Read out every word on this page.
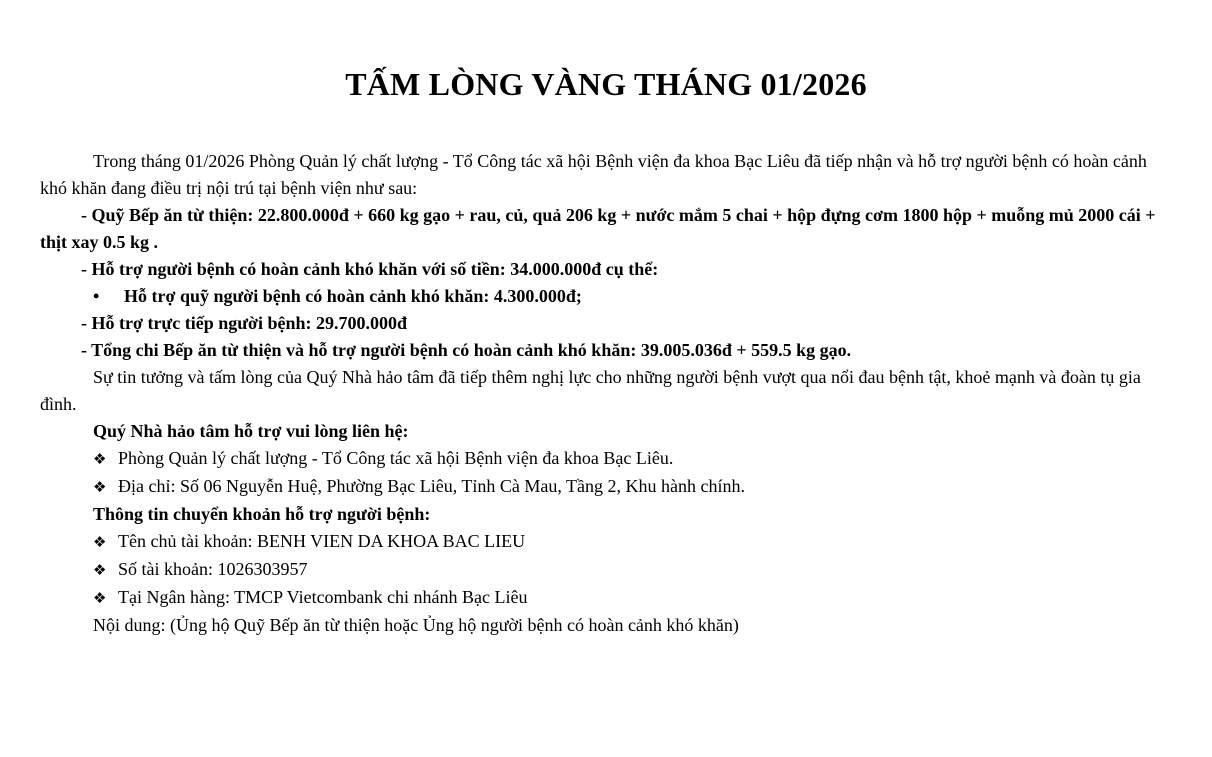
TẤM LÒNG VÀNG THÁNG 01/2026

Trong tháng 01/2026 Phòng Quản lý chất lượng - Tổ Công tác xã hội Bệnh viện đa khoa Bạc Liêu đã tiếp nhận và hỗ trợ người bệnh có hoàn cảnh khó khăn đang điều trị nội trú tại bệnh viện như sau:

- Quỹ Bếp ăn từ thiện: 22.800.000đ + 660 kg gạo + rau, củ, quả 206 kg + nước mắm 5 chai + hộp đựng cơm 1800 hộp + muỗng mủ 2000 cái + thịt xay 0.5 kg .

- Hỗ trợ người bệnh có hoàn cảnh khó khăn với số tiền: 34.000.000đ cụ thể:

•	Hỗ trợ quỹ người bệnh có hoàn cảnh khó khăn: 4.300.000đ;

- Hỗ trợ trực tiếp người bệnh: 29.700.000đ

- Tổng chi Bếp ăn từ thiện và hỗ trợ người bệnh có hoàn cảnh khó khăn: 39.005.036đ + 559.5 kg gạo.

Sự tin tưởng và tấm lòng của Quý Nhà hảo tâm đã tiếp thêm nghị lực cho những người bệnh vượt qua nổi đau bệnh tật, khoẻ mạnh và đoàn tụ gia đình.

Quý Nhà hảo tâm hỗ trợ vui lòng liên hệ:

❖ Phòng Quản lý chất lượng - Tổ Công tác xã hội Bệnh viện đa khoa Bạc Liêu.
❖ Địa chỉ: Số 06 Nguyễn Huệ, Phường Bạc Liêu, Tỉnh Cà Mau, Tầng 2, Khu hành chính.

Thông tin chuyển khoản hỗ trợ người bệnh:

❖ Tên chủ tài khoản: BENH VIEN DA KHOA BAC LIEU
❖ Số tài khoản: 1026303957
❖ Tại Ngân hàng: TMCP Vietcombank chi nhánh Bạc Liêu

Nội dung: (Ủng hộ Quỹ Bếp ăn từ thiện hoặc Ủng hộ người bệnh có hoàn cảnh khó khăn)
